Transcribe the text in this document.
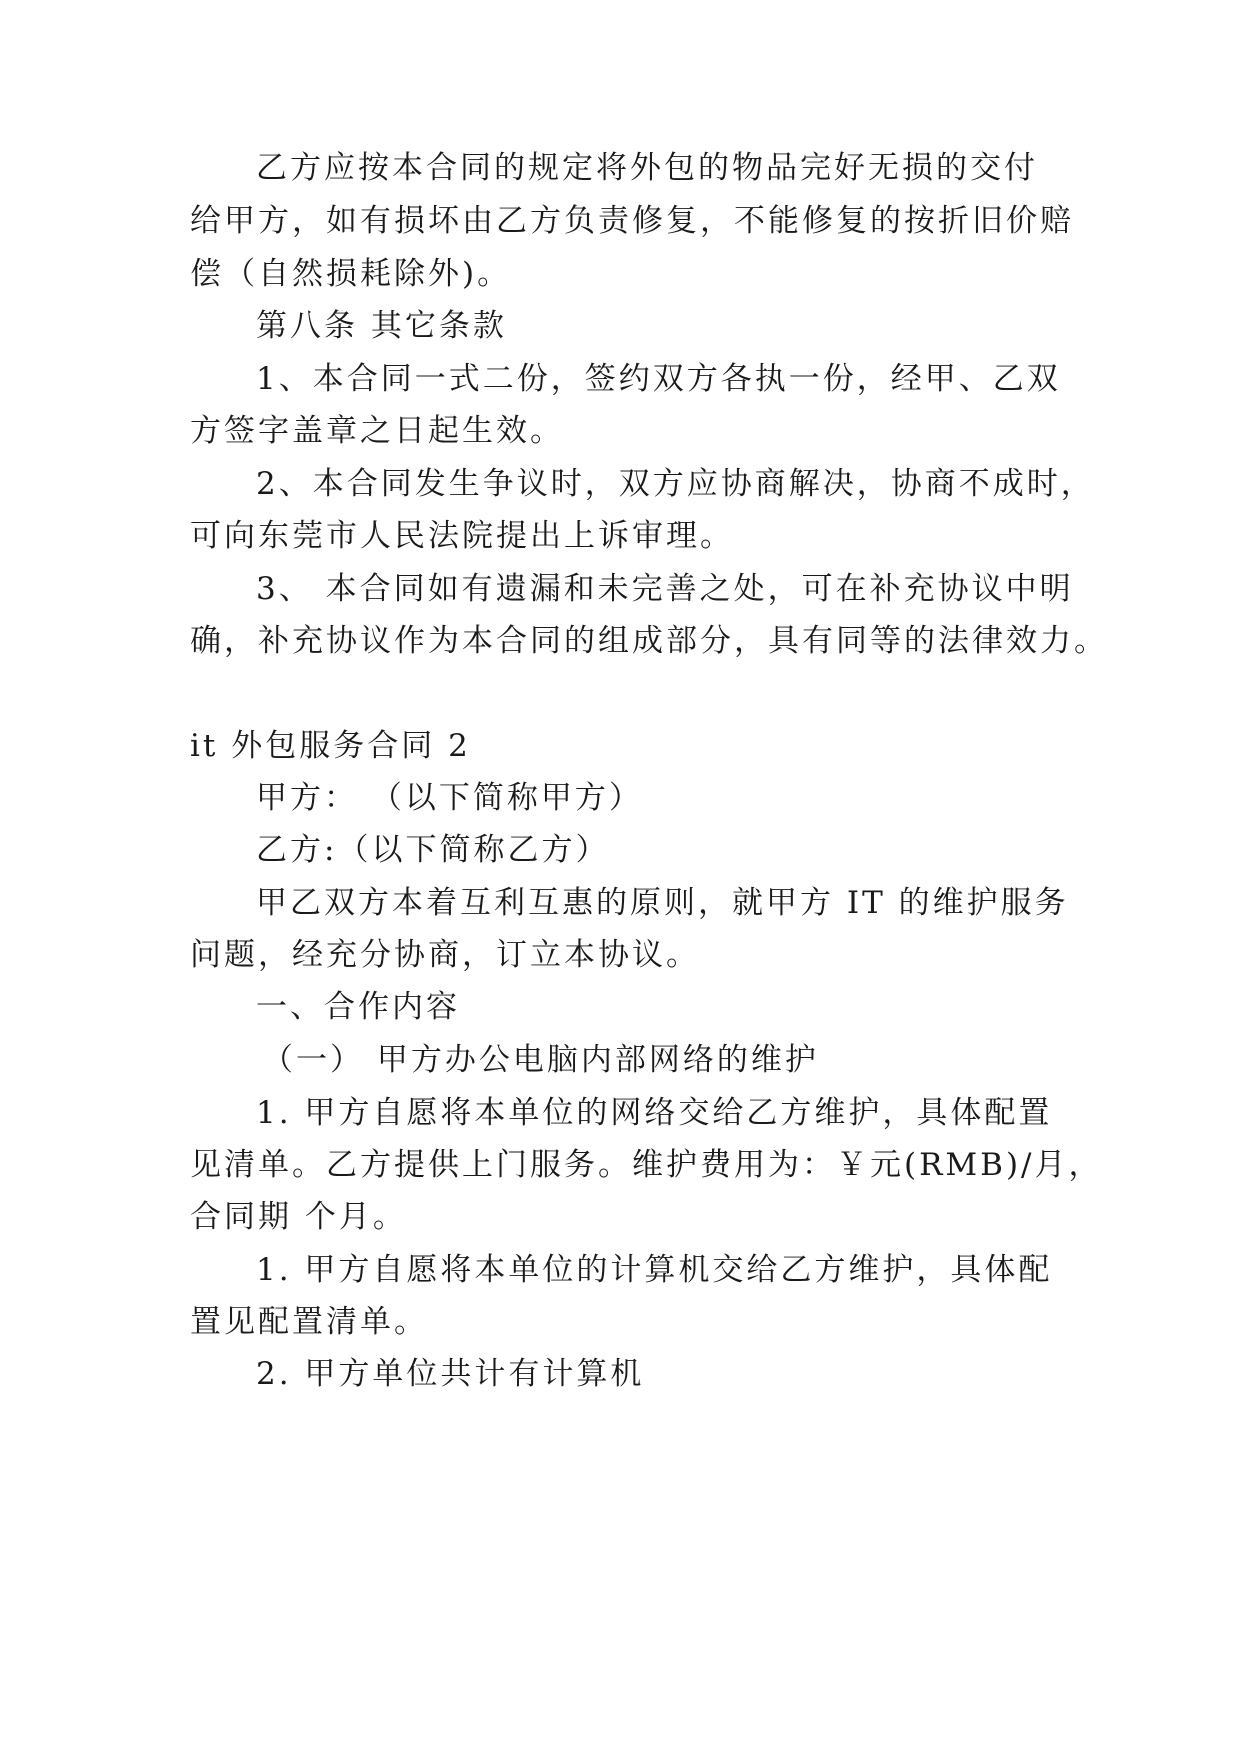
乙方应按本合同的规定将外包的物品完好无损的交付
给甲方，如有损坏由乙方负责修复，不能修复的按折旧价赔
偿（自然损耗除外)。
第八条 其它条款
1、本合同一式二份，签约双方各执一份，经甲、乙双
方签字盖章之日起生效。
2、本合同发生争议时，双方应协商解决，协商不成时，
可向东莞市人民法院提出上诉审理。
3、 本合同如有遗漏和未完善之处，可在补充协议中明
确，补充协议作为本合同的组成部分，具有同等的法律效力。
it 外包服务合同 2
甲方： （以下简称甲方）
乙方:（以下简称乙方）
甲乙双方本着互利互惠的原则，就甲方 IT 的维护服务
问题，经充分协商，订立本协议。
一、合作内容
（一） 甲方办公电脑内部网络的维护
1. 甲方自愿将本单位的网络交给乙方维护，具体配置
见清单。乙方提供上门服务。维护费用为：￥元(RMB)/月，
合同期 个月。
1. 甲方自愿将本单位的计算机交给乙方维护，具体配
置见配置清单。
2. 甲方单位共计有计算机
